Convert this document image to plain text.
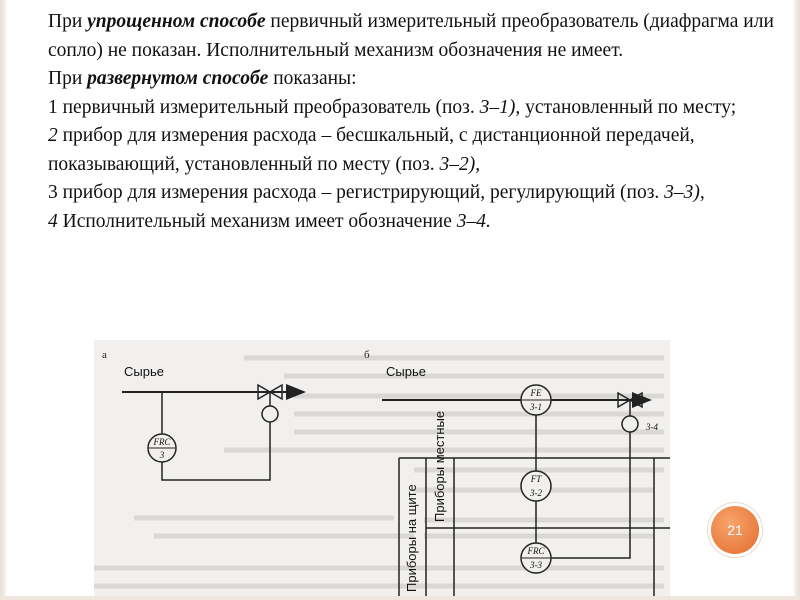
При упрощенном способе первичный измерительный преобразователь (диафрагма или сопло) не показан. Исполнительный механизм обозначения не имеет.

При развернутом способе показаны:

1 первичный измерительный преобразователь (поз. 3–1), установленный по месту;

2 прибор для измерения расхода – бесшкальный, с дистанционной передачей, показывающий, установленный по месту (поз. 3–2),

3 прибор для измерения расхода – регистрирующий, регулирующий (поз. 3–3),

4 Исполнительный механизм имеет обозначение 3–4.

а
Сырье
FRC
3
б
Сырье
FE
3-1
3-4
Приборы на щите
Приборы местные	FT
3-2
FRC
3-3
21
